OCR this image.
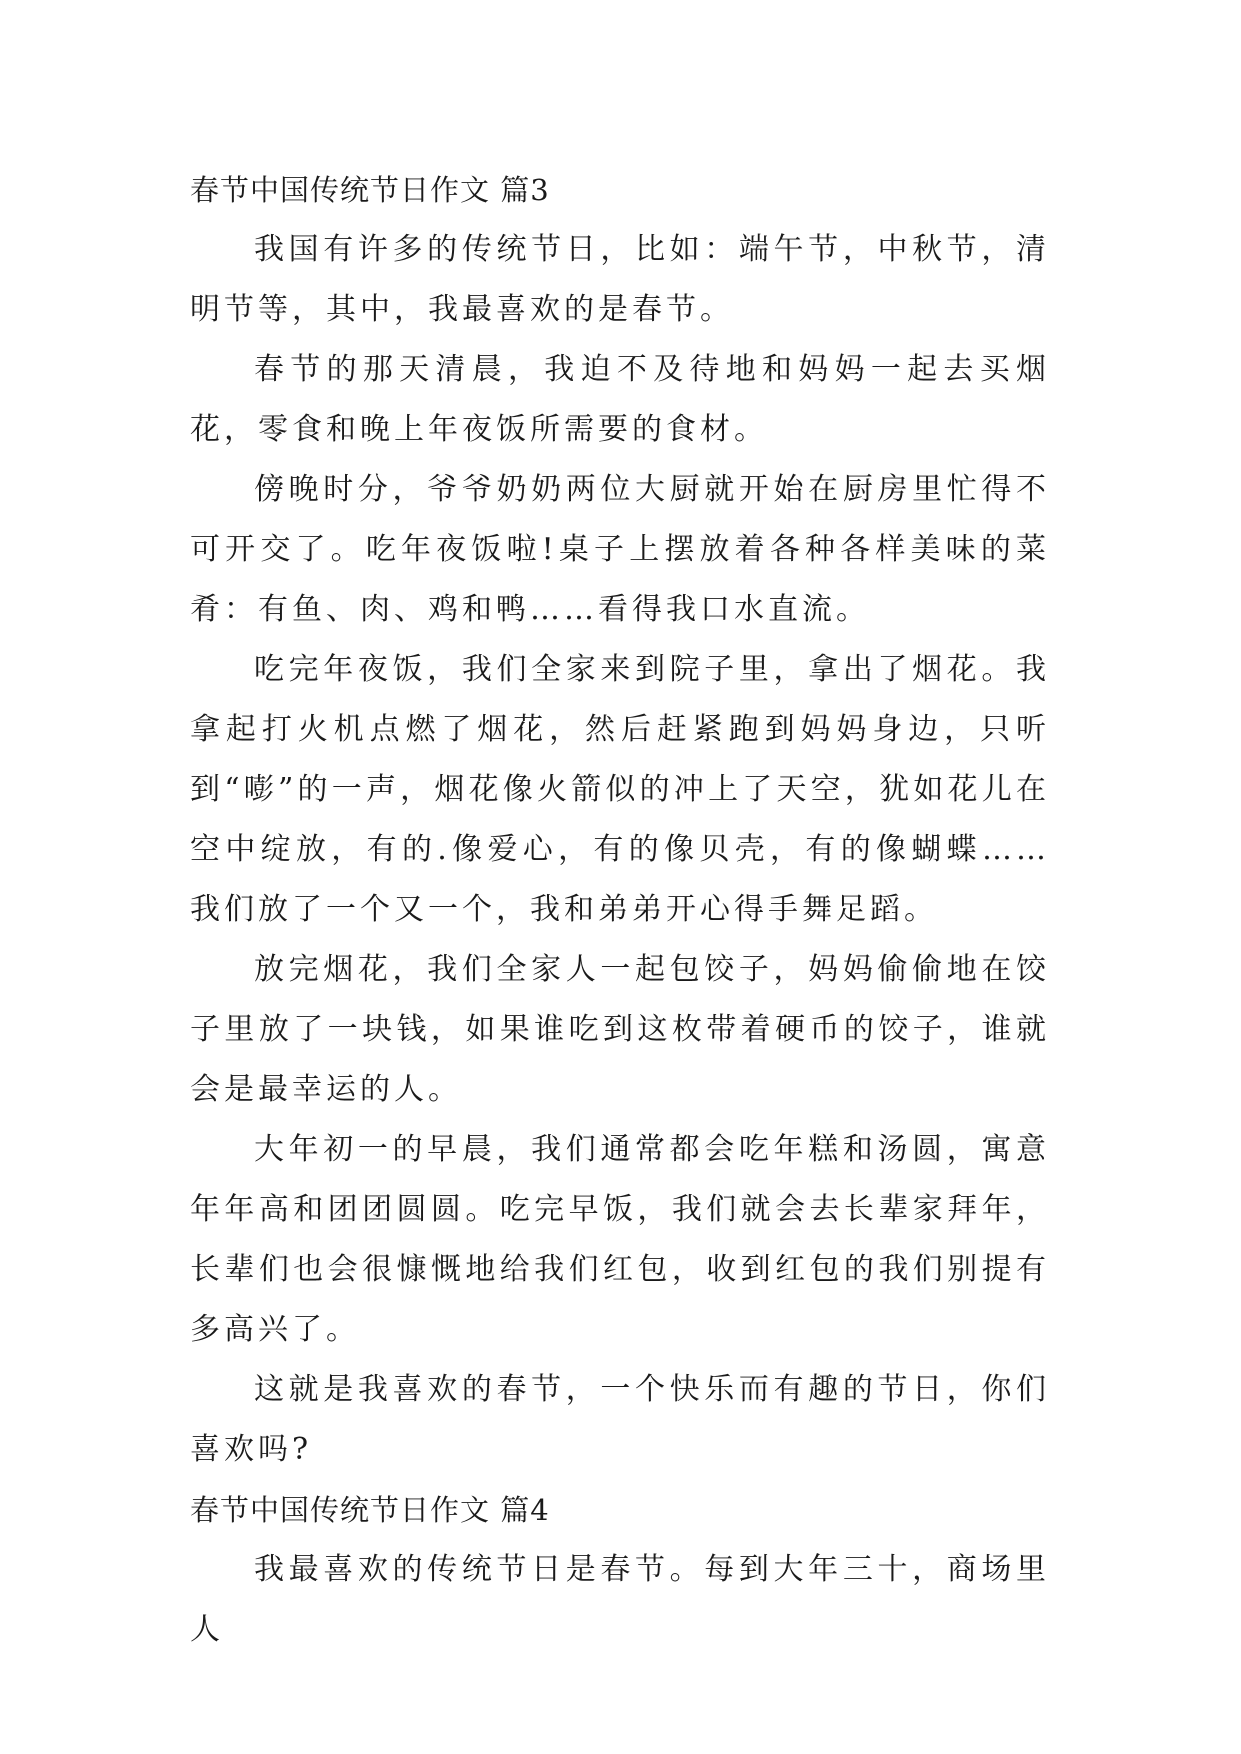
春节中国传统节日作文 篇3

我国有许多的传统节日，比如：端午节，中秋节，清明节等，其中，我最喜欢的是春节。

春节的那天清晨，我迫不及待地和妈妈一起去买烟花，零食和晚上年夜饭所需要的食材。

傍晚时分，爷爷奶奶两位大厨就开始在厨房里忙得不可开交了。吃年夜饭啦!桌子上摆放着各种各样美味的菜肴：有鱼、肉、鸡和鸭……看得我口水直流。

吃完年夜饭，我们全家来到院子里，拿出了烟花。我拿起打火机点燃了烟花，然后赶紧跑到妈妈身边，只听到“嘭”的一声，烟花像火箭似的冲上了天空，犹如花儿在空中绽放，有的.像爱心，有的像贝壳，有的像蝴蝶……我们放了一个又一个，我和弟弟开心得手舞足蹈。

放完烟花，我们全家人一起包饺子，妈妈偷偷地在饺子里放了一块钱，如果谁吃到这枚带着硬币的饺子，谁就会是最幸运的人。

大年初一的早晨，我们通常都会吃年糕和汤圆，寓意年年高和团团圆圆。吃完早饭，我们就会去长辈家拜年，长辈们也会很慷慨地给我们红包，收到红包的我们别提有多高兴了。

这就是我喜欢的春节，一个快乐而有趣的节日，你们喜欢吗?

春节中国传统节日作文 篇4

我最喜欢的传统节日是春节。每到大年三十，商场里人
